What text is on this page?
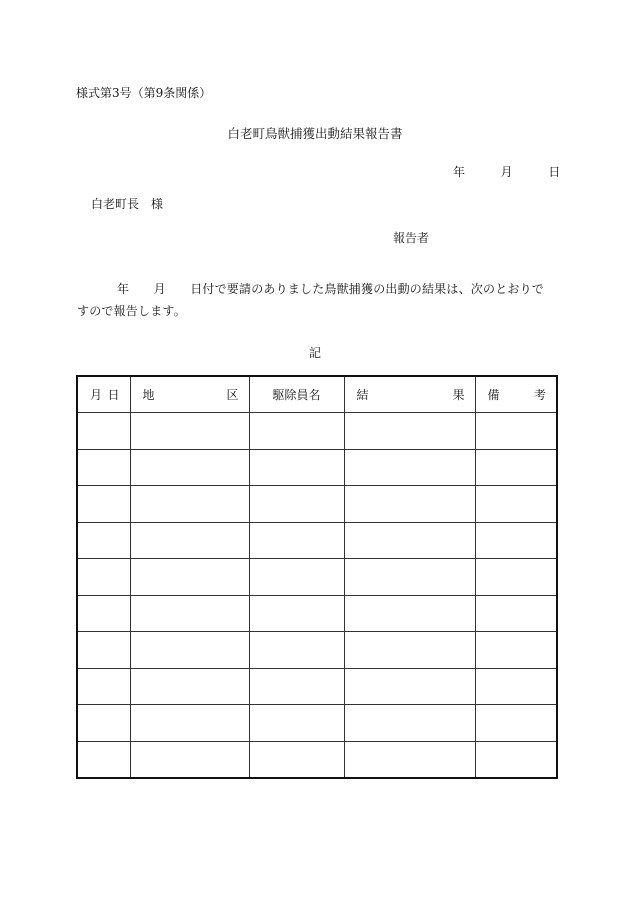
様式第3号（第9条関係）
白老町鳥獣捕獲出動結果報告書
年	月	日
白老町長　様
報告者
年　　月　　日付で要請のありました鳥獣捕獲の出動の結果は、次のとおりですので報告します。
記
月 日	地 区	駆除員名	結 果	備 考
